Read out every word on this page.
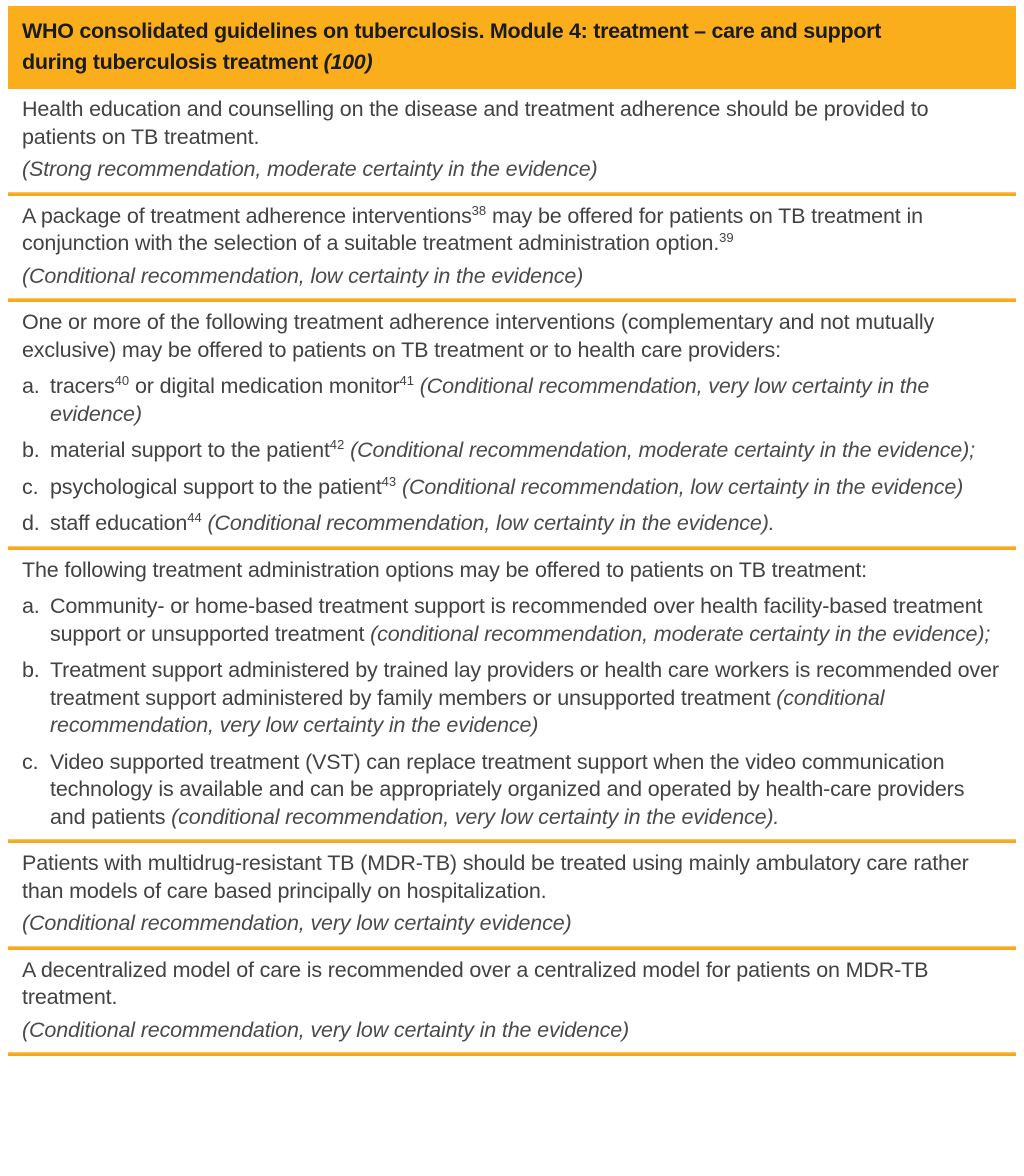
WHO consolidated guidelines on tuberculosis. Module 4: treatment – care and support
during tuberculosis treatment (100)
Health education and counselling on the disease and treatment adherence should be provided to patients on TB treatment.
(Strong recommendation, moderate certainty in the evidence)
A package of treatment adherence interventions$^{38}$ may be offered for patients on TB treatment in conjunction with the selection of a suitable treatment administration option.$^{39}$
(Conditional recommendation, low certainty in the evidence)
One or more of the following treatment adherence interventions (complementary and not mutually exclusive) may be offered to patients on TB treatment or to health care providers:
a. tracers$^{40}$ or digital medication monitor$^{41}$ (Conditional recommendation, very low certainty in the evidence)
b. material support to the patient$^{42}$ (Conditional recommendation, moderate certainty in the evidence);
c. psychological support to the patient$^{43}$ (Conditional recommendation, low certainty in the evidence)
d. staff education$^{44}$ (Conditional recommendation, low certainty in the evidence).
The following treatment administration options may be offered to patients on TB treatment:
a. Community- or home-based treatment support is recommended over health facility-based treatment support or unsupported treatment (conditional recommendation, moderate certainty in the evidence);
b. Treatment support administered by trained lay providers or health care workers is recommended over treatment support administered by family members or unsupported treatment (conditional recommendation, very low certainty in the evidence)
c. Video supported treatment (VST) can replace treatment support when the video communication technology is available and can be appropriately organized and operated by health-care providers and patients (conditional recommendation, very low certainty in the evidence).
Patients with multidrug-resistant TB (MDR-TB) should be treated using mainly ambulatory care rather than models of care based principally on hospitalization.
(Conditional recommendation, very low certainty evidence)
A decentralized model of care is recommended over a centralized model for patients on MDR-TB treatment.
(Conditional recommendation, very low certainty in the evidence)
